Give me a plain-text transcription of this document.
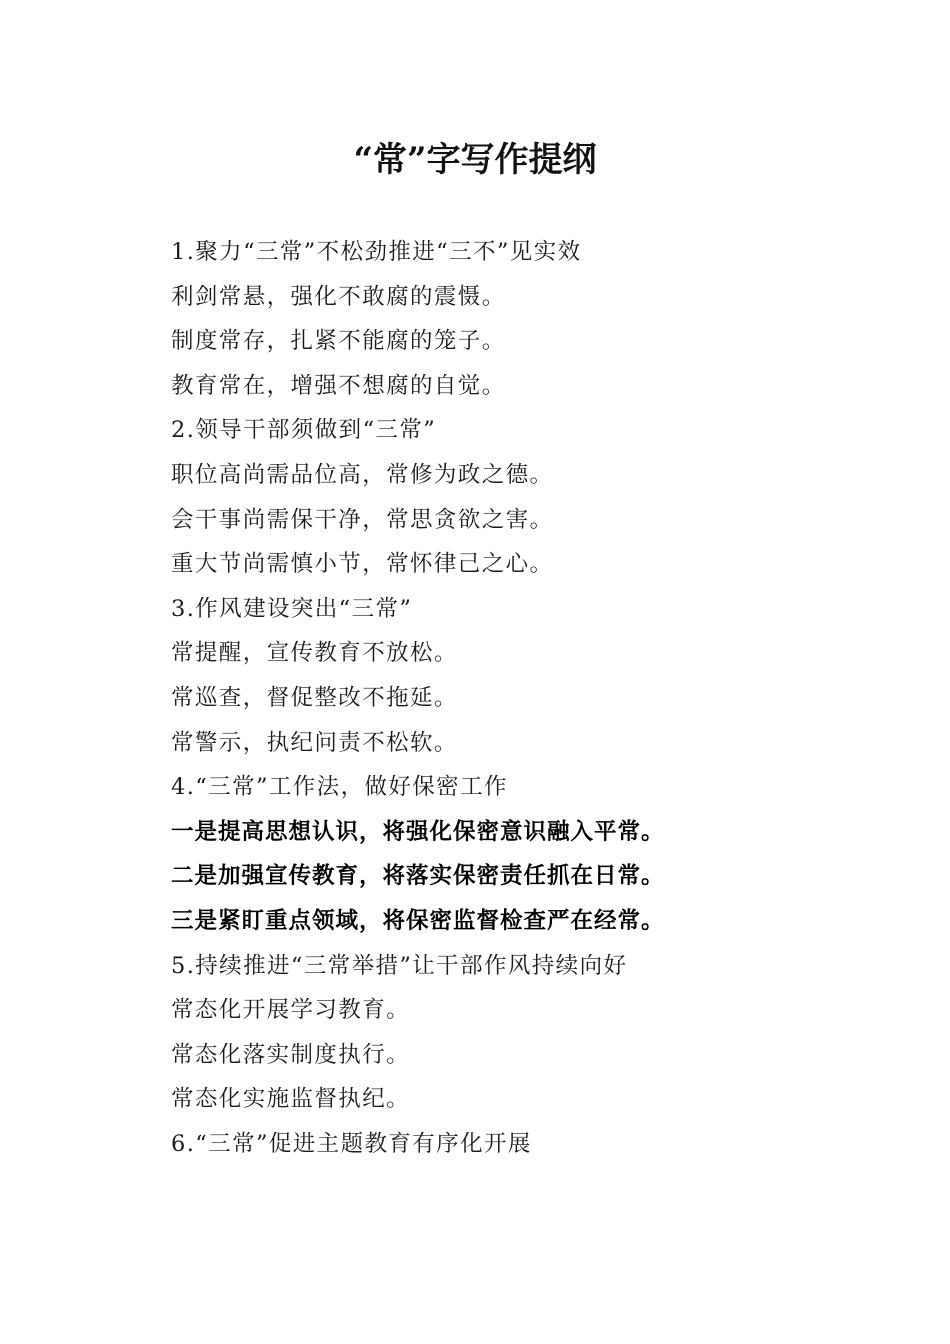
“常”字写作提纲
1.聚力“三常”不松劲推进“三不”见实效
利剑常悬，强化不敢腐的震慑。
制度常存，扎紧不能腐的笼子。
教育常在，增强不想腐的自觉。
2.领导干部须做到“三常”
职位高尚需品位高，常修为政之德。
会干事尚需保干净，常思贪欲之害。
重大节尚需慎小节，常怀律己之心。
3.作风建设突出“三常”
常提醒，宣传教育不放松。
常巡查，督促整改不拖延。
常警示，执纪问责不松软。
4.“三常”工作法，做好保密工作
一是提高思想认识，将强化保密意识融入平常。
二是加强宣传教育，将落实保密责任抓在日常。
三是紧盯重点领域，将保密监督检查严在经常。
5.持续推进“三常举措”让干部作风持续向好
常态化开展学习教育。
常态化落实制度执行。
常态化实施监督执纪。
6.“三常”促进主题教育有序化开展
